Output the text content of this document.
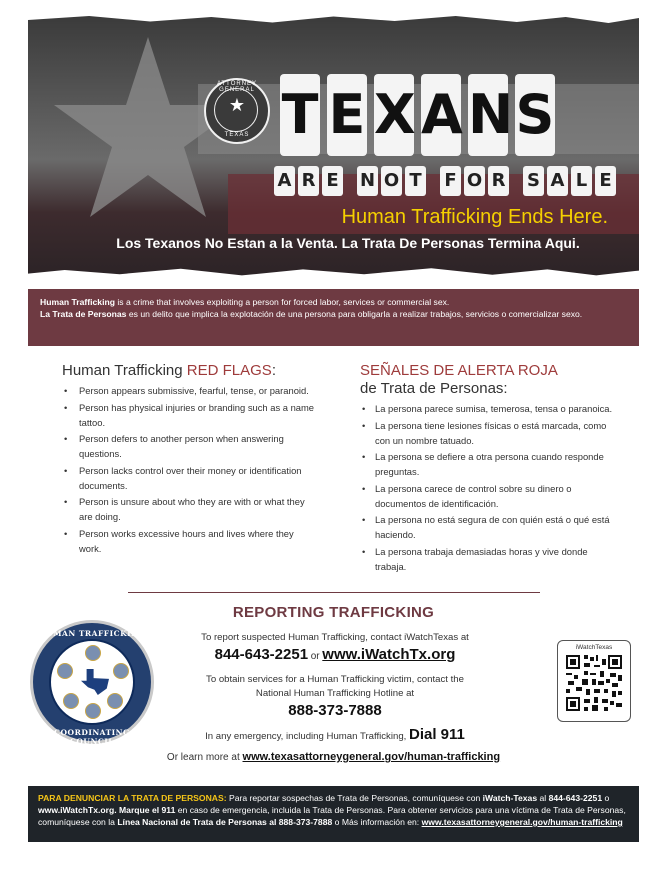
ATTORNEY GENERAL
★
TEXAS T E X A N S
A R E N O T F O R S A L E
Human Trafficking Ends Here.
Los Texanos No Estan a la Venta. La Trata De Personas Termina Aqui.

Human Trafficking is a crime that involves exploiting a person for forced labor, services or commercial sex.

La Trata de Personas es un delito que implica la explotación de una persona para obligarla a realizar trabajos, servicios o comercializar sexo.

Human Trafficking RED FLAGS:
• Person appears submissive, fearful, tense, or paranoid.
• Person has physical injuries or branding such as a name tattoo.
• Person defers to another person when answering questions.
• Person lacks control over their money or identification documents.
• Person is unsure about who they are with or what they are doing.
• Person works excessive hours and lives where they work.
SEÑALES DE ALERTA ROJA
de Trata de Personas:
• La persona parece sumisa, temerosa, tensa o paranoica.
• La persona tiene lesiones físicas o está marcada, como con un nombre tatuado.
• La persona se defiere a otra persona cuando responde preguntas.
• La persona carece de control sobre su dinero o documentos de identificación.
• La persona no está segura de con quién está o qué está haciendo.
• La persona trabaja demasiadas horas y vive donde trabaja.
REPORTING TRAFFICKING
To report suspected Human Trafficking, contact iWatchTexas at
844-643-2251 or www.iWatchTx.org
To obtain services for a Human Trafficking victim, contact the
National Human Trafficking Hotline at
888-373-7888
In any emergency, including Human Trafficking, Dial 911
HUMAN TRAFFICKING
COORDINATING COUNCIL
iWatchTexas
Or learn more at www.texasattorneygeneral.gov/human-trafficking
PARA DENUNCIAR LA TRATA DE PERSONAS: Para reportar sospechas de Trata de Personas, comuníquese con iWatch-Texas al 844-643-2251 o www.iWatchTx.org. Marque el 911 en caso de emergencia, incluida la Trata de Personas. Para obtener servicios para una víctima de Trata de Personas, comuníquese con la Línea Nacional de Trata de Personas al 888-373-7888 o Más información en: www.texasattorneygeneral.gov/human-trafficking
